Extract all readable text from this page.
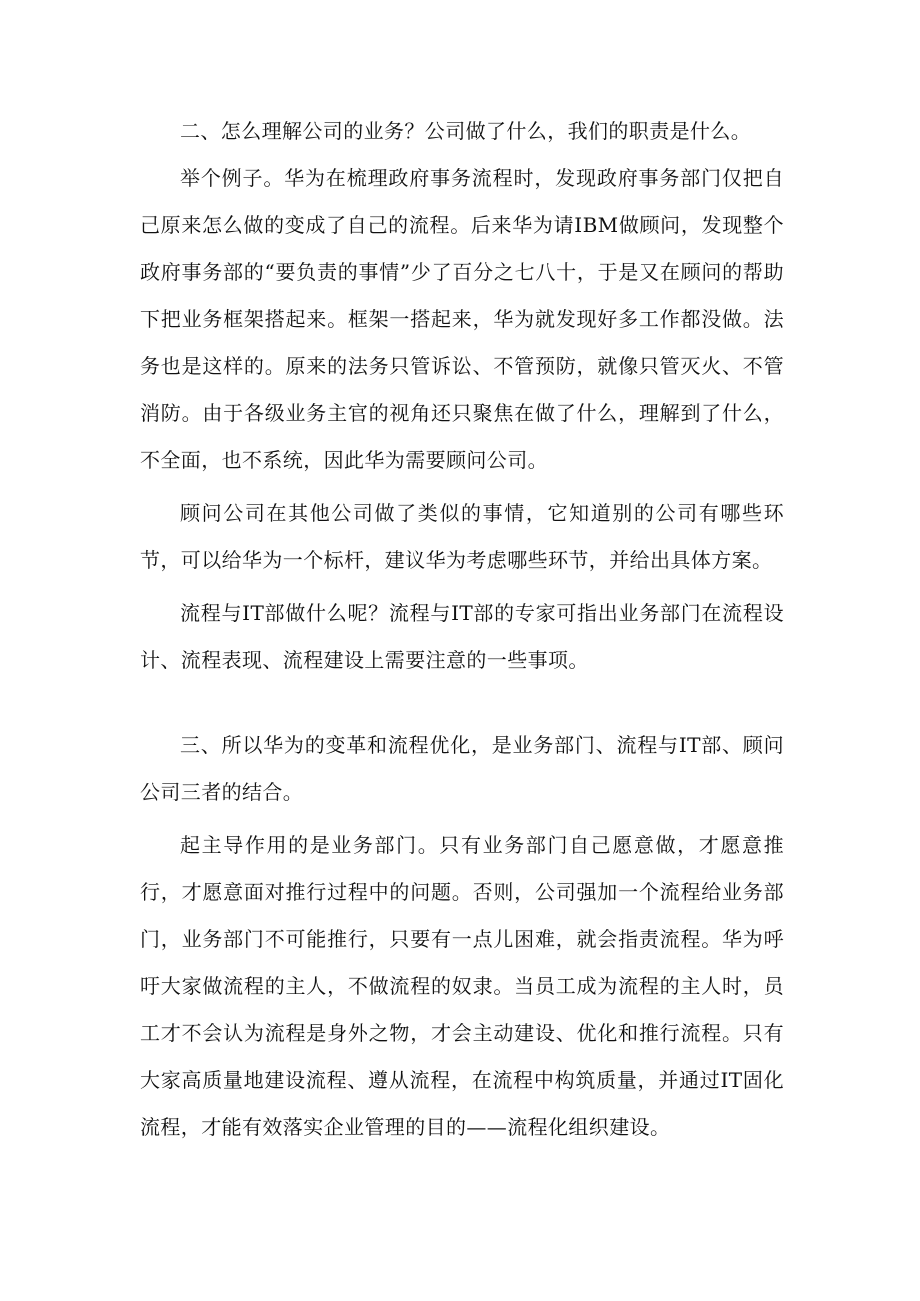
二、怎么理解公司的业务？公司做了什么，我们的职责是什么。

举个例子。华为在梳理政府事务流程时，发现政府事务部门仅把自己原来怎么做的变成了自己的流程。后来华为请IBM做顾问，发现整个政府事务部的“要负责的事情”少了百分之七八十，于是又在顾问的帮助下把业务框架搭起来。框架一搭起来，华为就发现好多工作都没做。法务也是这样的。原来的法务只管诉讼、不管预防，就像只管灭火、不管消防。由于各级业务主官的视角还只聚焦在做了什么，理解到了什么，不全面，也不系统，因此华为需要顾问公司。

顾问公司在其他公司做了类似的事情，它知道别的公司有哪些环节，可以给华为一个标杆，建议华为考虑哪些环节，并给出具体方案。

流程与IT部做什么呢？流程与IT部的专家可指出业务部门在流程设计、流程表现、流程建设上需要注意的一些事项。

三、所以华为的变革和流程优化，是业务部门、流程与IT部、顾问公司三者的结合。

起主导作用的是业务部门。只有业务部门自己愿意做，才愿意推行，才愿意面对推行过程中的问题。否则，公司强加一个流程给业务部门，业务部门不可能推行，只要有一点儿困难，就会指责流程。华为呼吁大家做流程的主人，不做流程的奴隶。当员工成为流程的主人时，员工才不会认为流程是身外之物，才会主动建设、优化和推行流程。只有大家高质量地建设流程、遵从流程，在流程中构筑质量，并通过IT固化流程，才能有效落实企业管理的目的——流程化组织建设。
